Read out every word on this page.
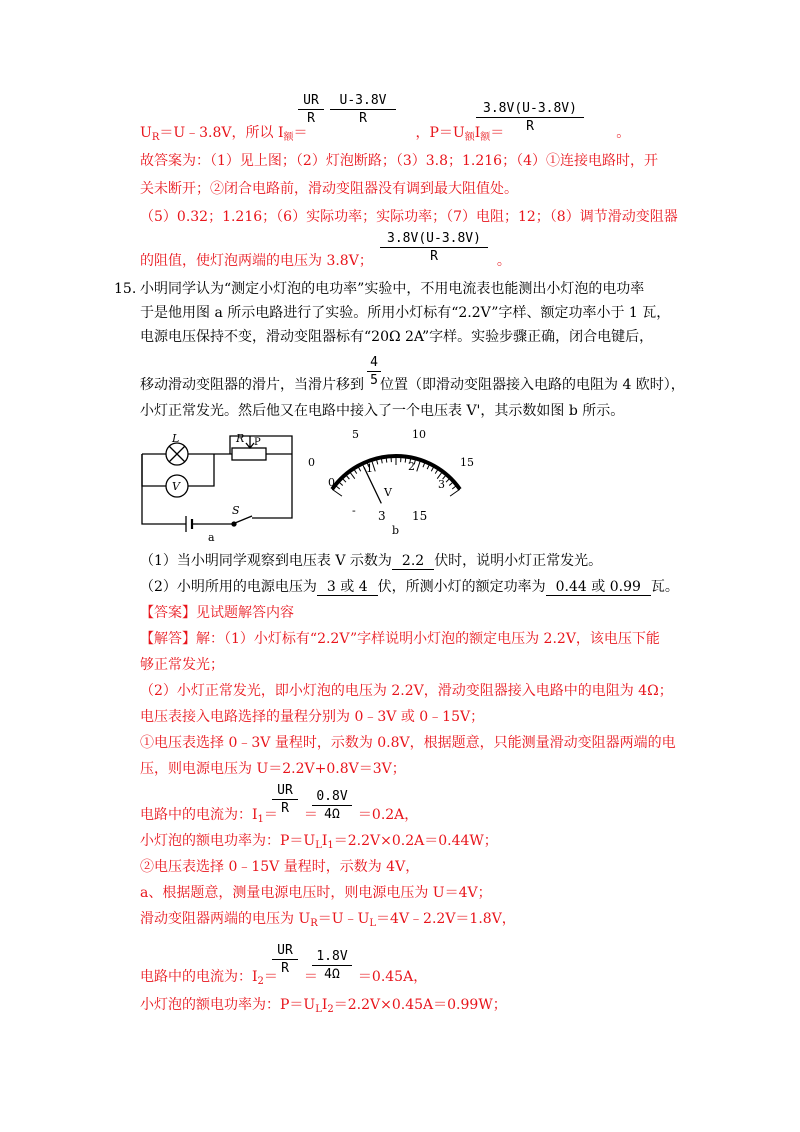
UR
R
U-3.8V
R
3.8V(U-3.8V)
R
$U_R=U﹣3.8V$，所以 $I_额=$	，$P=U_额I_额=$	。
故答案为：（1）见上图；（2）灯泡断路；（3）3.8；1.216；（4）①连接电路时，开
关未断开；②闭合电路前，滑动变阻器没有调到最大阻值处。
（5）0.32；1.216；（6）实际功率；实际功率；（7）电阻；12；（8）调节滑动变阻器
3.8V(U-3.8V)
R
的阻值，使灯泡两端的电压为 3.8V；	。
15. 小明同学认为“测定小灯泡的电功率”实验中，不用电流表也能测出小灯泡的电功率
于是他用图 a 所示电路进行了实验。所用小灯标有“2.2V”字样、额定功率小于 1 瓦，
电源电压保持不变，滑动变阻器标有“20Ω 2A”字样。实验步骤正确，闭合电键后，
4
5
移动滑动变阻器的滑片，当滑片移到 位置（即滑动变阻器接入电路的电阻为 4 欧时），
小灯正常发光。然后他又在电路中接入了一个电压表 V'，其示数如图 b 所示。
L	R P
V
S
a
0
5	10
15
0
1	2
3
V
- 3 15
b
（1）当小明同学观察到电压表 V 示数为 2.2 伏时，说明小灯正常发光。
（2）小明所用的电源电压为 3 或 4 伏，所测小灯的额定功率为 0.44 或 0.99 瓦。
【答案】见试题解答内容
【解答】解：（1）小灯标有“2.2V”字样说明小灯泡的额定电压为 2.2V，该电压下能
够正常发光；
（2）小灯正常发光，即小灯泡的电压为 2.2V，滑动变阻器接入电路中的电阻为 4Ω；
电压表接入电路选择的量程分别为 0﹣3V 或 0﹣15V；
①电压表选择 0﹣3V 量程时，示数为 0.8V，根据题意，只能测量滑动变阻器两端的电
压，则电源电压为 U＝2.2V+0.8V＝3V；
UR
R
0.8V
4Ω
电路中的电流为：$I_1=$ ＝	＝0.2A，
小灯泡的额电功率为：$P=U_LI_1=2.2V\times 0.2A=0.44W$；
②电压表选择 0﹣15V 量程时，示数为 4V，
a、根据题意，测量电源电压时，则电源电压为 U＝4V；
滑动变阻器两端的电压为 $U_R=U﹣U_L=4V﹣2.2V=1.8V$，
UR
R
1.8V
4Ω
电路中的电流为：$I_2=$ ＝	＝0.45A，
小灯泡的额电功率为：$P=U_LI_2=2.2V\times 0.45A=0.99W$；
